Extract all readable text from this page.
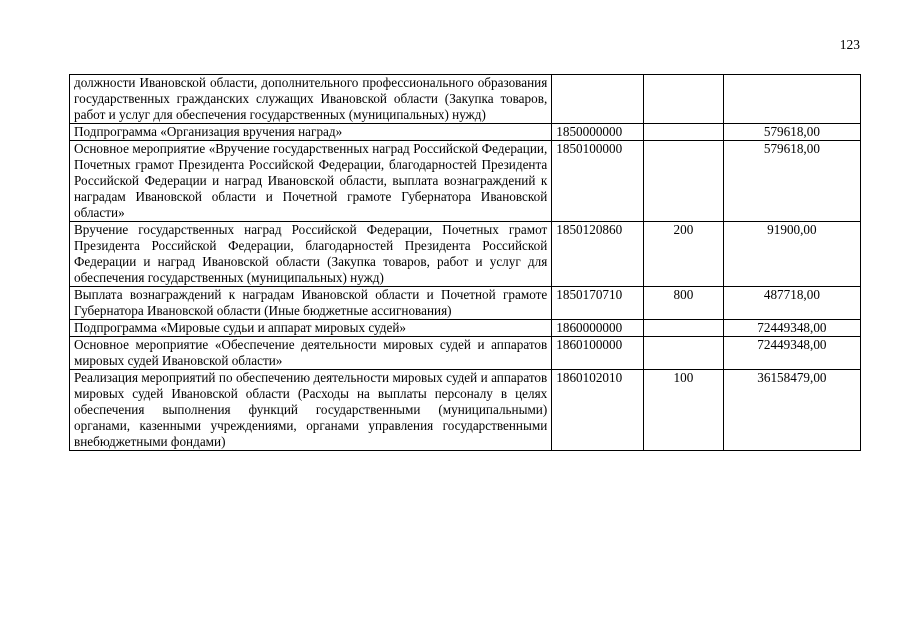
123
должности Ивановской области, дополнительного профессионального образования государственных гражданских служащих Ивановской области (Закупка товаров, работ и услуг для обеспечения государственных (муниципальных) нужд)			
Подпрограмма «Организация вручения наград»	1850000000		579618,00
Основное мероприятие «Вручение государственных наград Российской Федерации, Почетных грамот Президента Российской Федерации, благодарностей Президента Российской Федерации и наград Ивановской области, выплата вознаграждений к наградам Ивановской области и Почетной грамоте Губернатора Ивановской области»	1850100000		579618,00
Вручение государственных наград Российской Федерации, Почетных грамот Президента Российской Федерации, благодарностей Президента Российской Федерации и наград Ивановской области (Закупка товаров, работ и услуг для обеспечения государственных (муниципальных) нужд)	1850120860	200	91900,00
Выплата вознаграждений к наградам Ивановской области и Почетной грамоте Губернатора Ивановской области (Иные бюджетные ассигнования)	1850170710	800	487718,00
Подпрограмма «Мировые судьи и аппарат мировых судей»	1860000000		72449348,00
Основное мероприятие «Обеспечение деятельности мировых судей и аппаратов мировых судей Ивановской области»	1860100000		72449348,00
Реализация мероприятий по обеспечению деятельности мировых судей и аппаратов мировых судей Ивановской области (Расходы на выплаты персоналу в целях обеспечения выполнения функций государственными (муниципальными) органами, казенными учреждениями, органами управления государственными внебюджетными фондами)	1860102010	100	36158479,00
